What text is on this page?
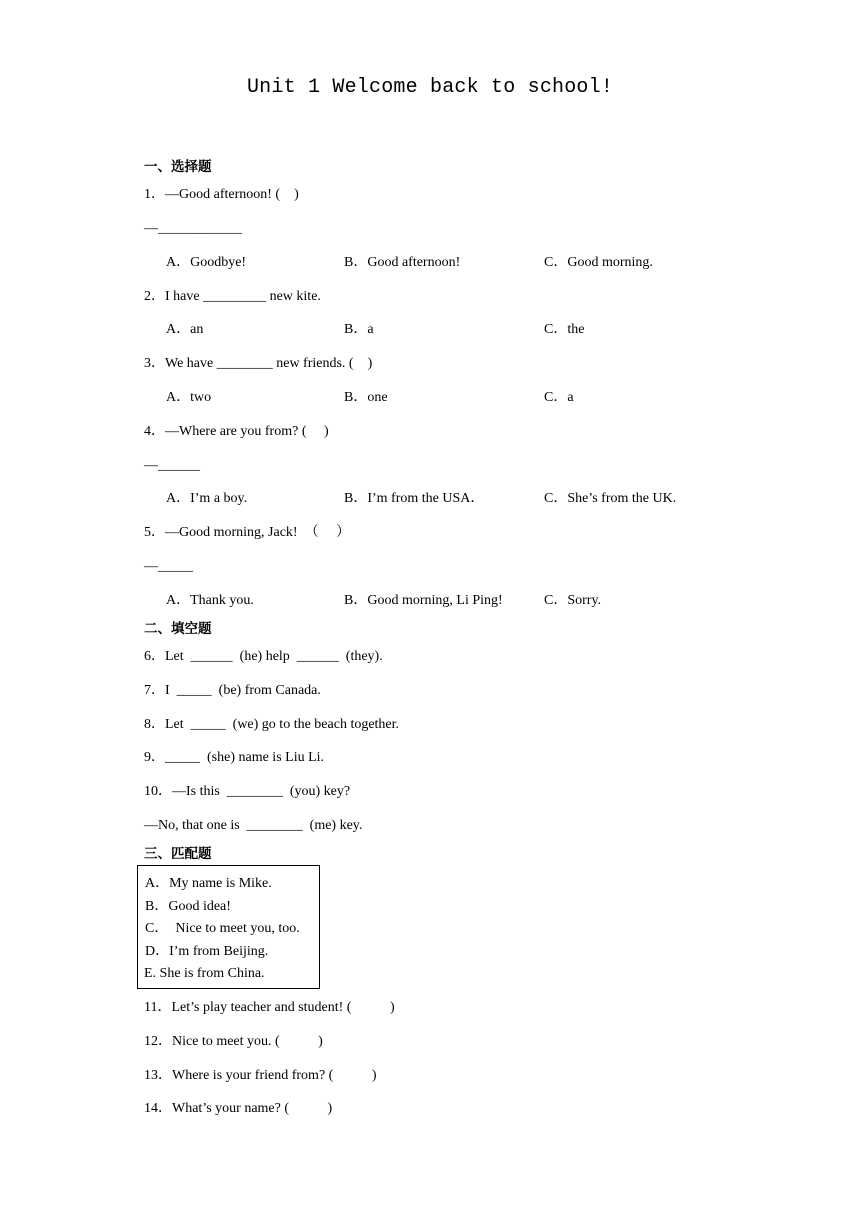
Unit 1 Welcome back to school!
一、选择题
1．—Good afternoon! (    )
—____________
A．Goodbye!	B．Good afternoon!	C．Good morning.
2．I have _________ new kite.
A．an	B．a	C．the
3．We have ________ new friends. (    )
A．two	B．one	C．a
4．—Where are you from? (     )
—______
A．I’m a boy.	B．I’m from the USA．	C．She’s from the UK.
5．—Good morning, Jack!  （     ）
—_____
A．Thank you.	B．Good morning, Li Ping!	C．Sorry.
二、填空题
6．Let  ______  (he) help  ______  (they).
7．I  _____  (be) from Canada.
8．Let  _____  (we) go to the beach together.
9．_____  (she) name is Liu Li.
10．—Is this  ________  (you) key?
—No, that one is  ________  (me) key.
三、匹配题
A．My name is Mike.
B．Good idea!
C．  Nice to meet you, too.
D．I’m from Beijing.
E. She is from China.
11．Let’s play teacher and student! (           )
12．Nice to meet you. (           )
13．Where is your friend from? (           )
14．What’s your name? (           )
